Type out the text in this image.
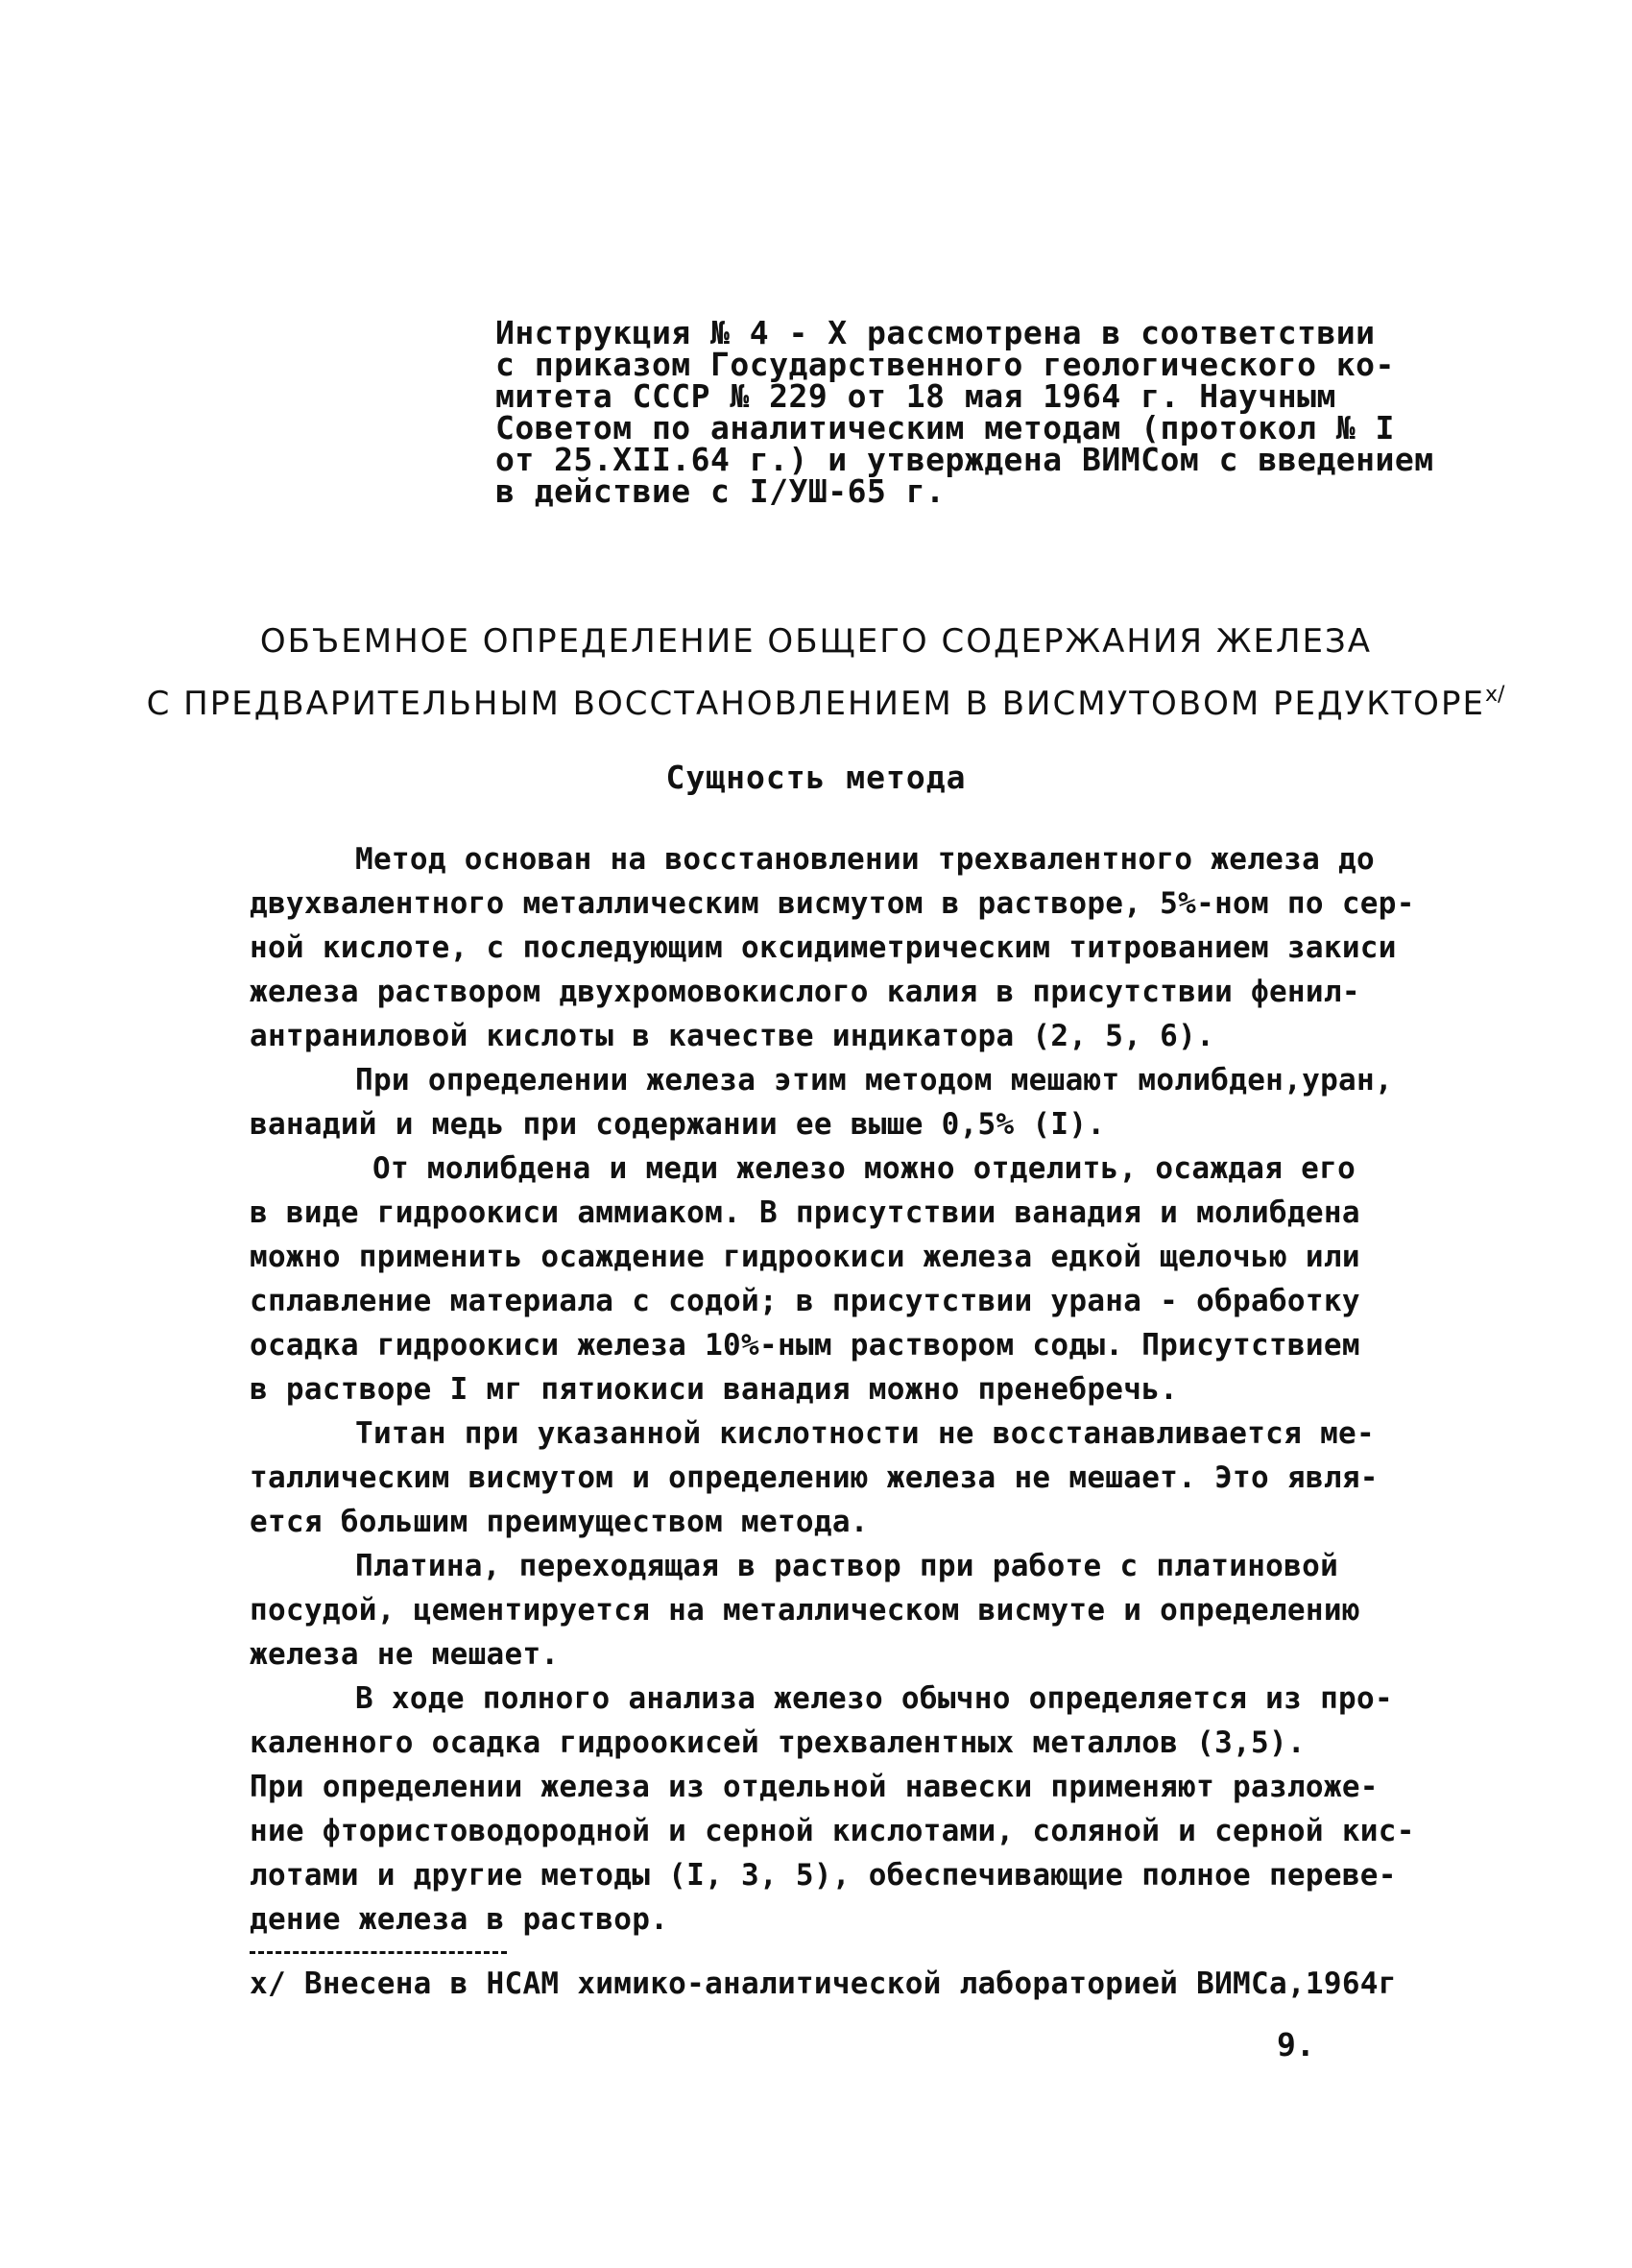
Инструкция № 4 - Х рассмотрена в соответствии
с приказом Государственного геологического ко-
митета СССР № 229 от 18 мая 1964 г. Научным
Советом по аналитическим методам (протокол № I
от 25.XII.64 г.) и утверждена ВИМСом с введением
в действие с I/УШ-65 г.
ОБЪЕМНОЕ ОПРЕДЕЛЕНИЕ ОБЩЕГО СОДЕРЖАНИЯ ЖЕЛЕЗА
С ПРЕДВАРИТЕЛЬНЫМ ВОССТАНОВЛЕНИЕМ В ВИСМУТОВОМ $РЕДУКТОРЕ^{x/}$
Сущность метода
Метод основан на восстановлении трехвалентного железа до
двухвалентного металлическим висмутом в растворе, 5%-ном по сер-
ной кислоте, с последующим оксидиметрическим титрованием закиси
железа раствором двухромовокислого калия в присутствии фенил-
антраниловой кислоты в качестве индикатора (2, 5, 6).
При определении железа этим методом мешают молибден,уран,
ванадий и медь при содержании ее выше 0,5% (I).
От молибдена и меди железо можно отделить, осаждая его
в виде гидроокиси аммиаком. В присутствии ванадия и молибдена
можно применить осаждение гидроокиси железа едкой щелочью или
сплавление материала с содой; в присутствии урана - обработку
осадка гидроокиси железа 10%-ным раствором соды. Присутствием
в растворе I мг пятиокиси ванадия можно пренебречь.
Титан при указанной кислотности не восстанавливается ме-
таллическим висмутом и определению железа не мешает. Это явля-
ется большим преимуществом метода.
Платина, переходящая в раствор при работе с платиновой
посудой, цементируется на металлическом висмуте и определению
железа не мешает.
В ходе полного анализа железо обычно определяется из про-
каленного осадка гидроокисей трехвалентных металлов (3,5).
При определении железа из отдельной навески применяют разложе-
ние фтористоводородной и серной кислотами, соляной и серной кис-
лотами и другие методы (I, 3, 5), обеспечивающие полное переве-
дение железа в раствор.
x/ Внесена в НСАМ химико-аналитической лабораторией ВИМСа,1964г
9.
